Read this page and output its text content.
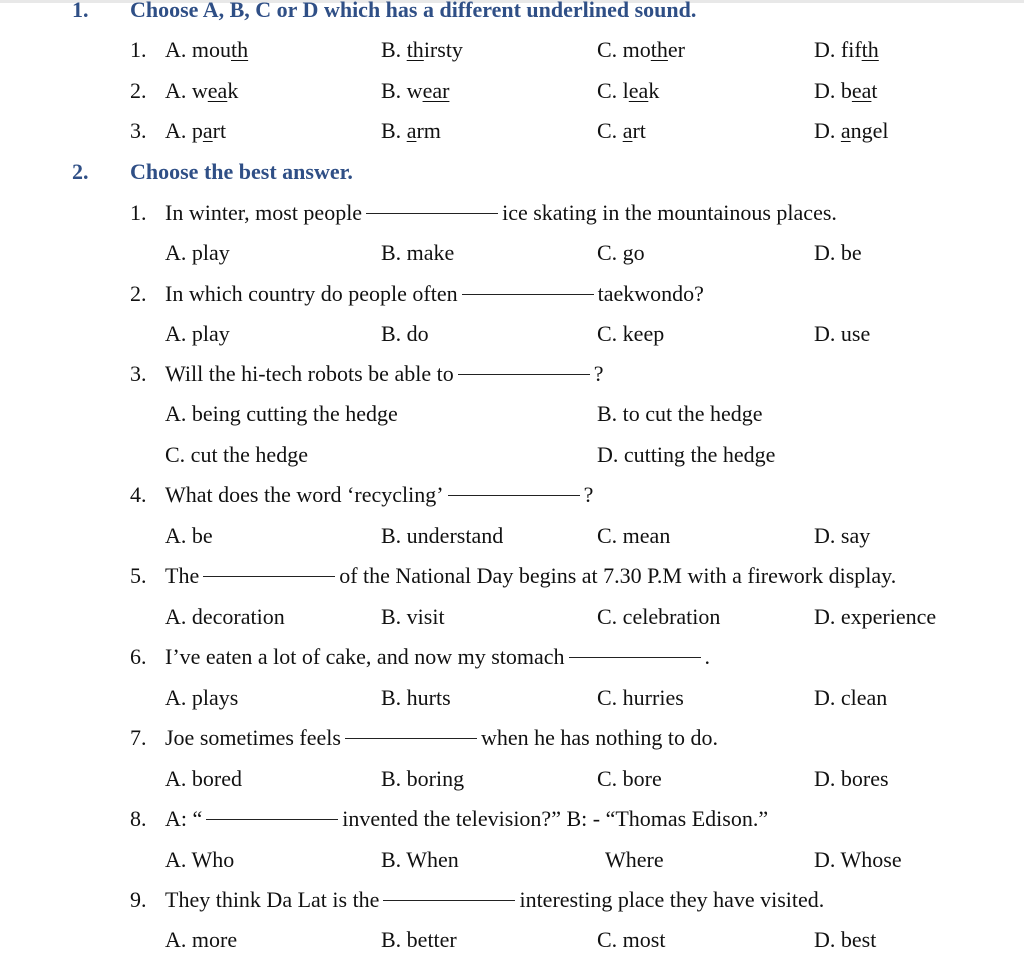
1. Choose A, B, C or D which has a different underlined sound.
1. A. mouth	B. thirsty	C. mother	D. fifth
2. A. weak	B. wear	C. leak	D. beat
3. A. part	B. arm	C. art	D. angel
2. Choose the best answer.
1. In winter, most people	ice skating in the mountainous places.
A. play	B. make	C. go	D. be
2. In which country do people often	taekwondo?
A. play	B. do	C. keep	D. use
3. Will the hi-tech robots be able to	?
A. being cutting the hedge	B. to cut the hedge
C. cut the hedge	D. cutting the hedge
4. What does the word ‘recycling’	?
A. be	B. understand	C. mean	D. say
5. The	of the National Day begins at 7.30 P.M with a firework display.
A. decoration	B. visit	C. celebration	D. experience
6. I’ve eaten a lot of cake, and now my stomach	.
A. plays	B. hurts	C. hurries	D. clean
7. Joe sometimes feels	when he has nothing to do.
A. bored	B. boring	C. bore	D. bores
8. A: “	invented the television?” B: - “Thomas Edison.”
A. Who	B. When	Where	D. Whose
9. They think Da Lat is the	interesting place they have visited.
A. more	B. better	C. most	D. best
